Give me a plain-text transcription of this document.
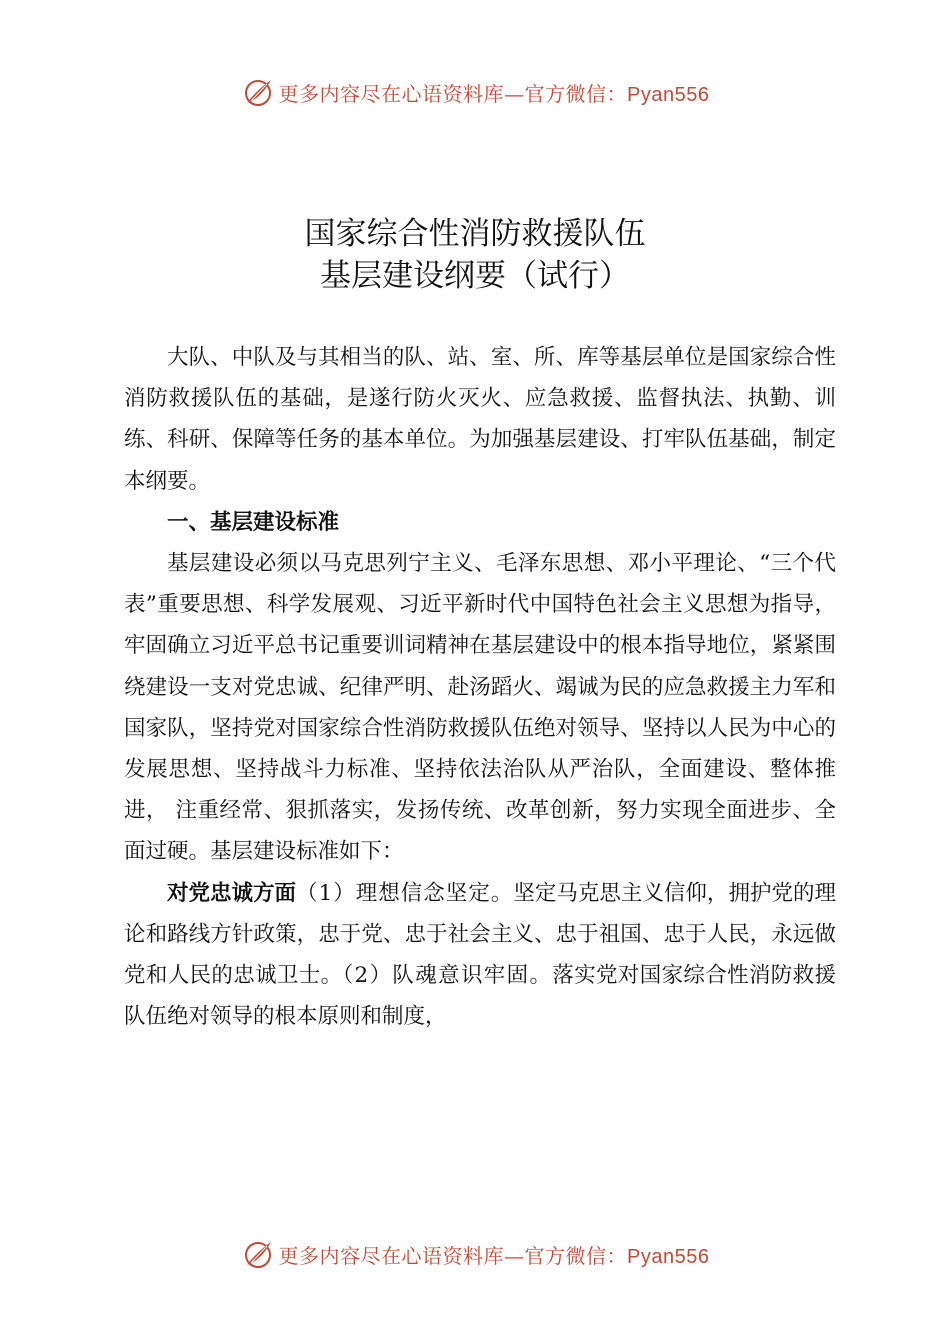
更多内容尽在心语资料库—官方微信：Pyan556
国家综合性消防救援队伍
基层建设纲要（试行）

大队、中队及与其相当的队、站、室、所、库等基层单位是国家综合性消防救援队伍的基础，是遂行防火灭火、应急救援、监督执法、执勤、训练、科研、保障等任务的基本单位。为加强基层建设、打牢队伍基础，制定本纲要。

一、基层建设标准

基层建设必须以马克思列宁主义、毛泽东思想、邓小平理论、“三个代表”重要思想、科学发展观、习近平新时代中国特色社会主义思想为指导，牢固确立习近平总书记重要训词精神在基层建设中的根本指导地位，紧紧围绕建设一支对党忠诚、纪律严明、赴汤蹈火、竭诚为民的应急救援主力军和国家队，坚持党对国家综合性消防救援队伍绝对领导、坚持以人民为中心的发展思想、坚持战斗力标准、坚持依法治队从严治队，全面建设、整体推进， 注重经常、狠抓落实，发扬传统、改革创新，努力实现全面进步、全面过硬。基层建设标准如下：

对党忠诚方面（1）理想信念坚定。坚定马克思主义信仰，拥护党的理论和路线方针政策，忠于党、忠于社会主义、忠于祖国、忠于人民，永远做党和人民的忠诚卫士。（2）队魂意识牢固。落实党对国家综合性消防救援队伍绝对领导的根本原则和制度，

更多内容尽在心语资料库—官方微信：Pyan556
